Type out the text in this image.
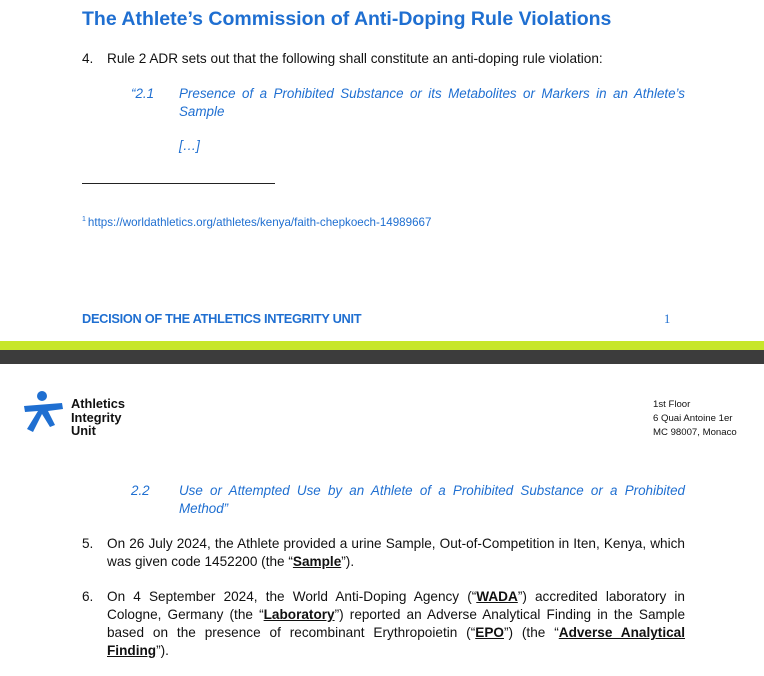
The Athlete’s Commission of Anti-Doping Rule Violations
4. Rule 2 ADR sets out that the following shall constitute an anti-doping rule violation:
“2.1 Presence of a Prohibited Substance or its Metabolites or Markers in an Athlete’s Sample
[…]
$^1$ https://worldathletics.org/athletes/kenya/faith-chepkoech-14989667
DECISION OF THE ATHLETICS INTEGRITY UNIT	1
Athletics
Integrity
Unit
1st Floor
6 Quai Antoine 1er
MC 98007, Monaco
2.2 Use or Attempted Use by an Athlete of a Prohibited Substance or a Prohibited Method”
5. On 26 July 2024, the Athlete provided a urine Sample, Out-of-Competition in Iten, Kenya, which was given code 1452200 (the “Sample”).
6. On 4 September 2024, the World Anti-Doping Agency (“WADA”) accredited laboratory in Cologne, Germany (the “Laboratory”) reported an Adverse Analytical Finding in the Sample based on the presence of recombinant Erythropoietin (“EPO”) (the “Adverse Analytical Finding”).
